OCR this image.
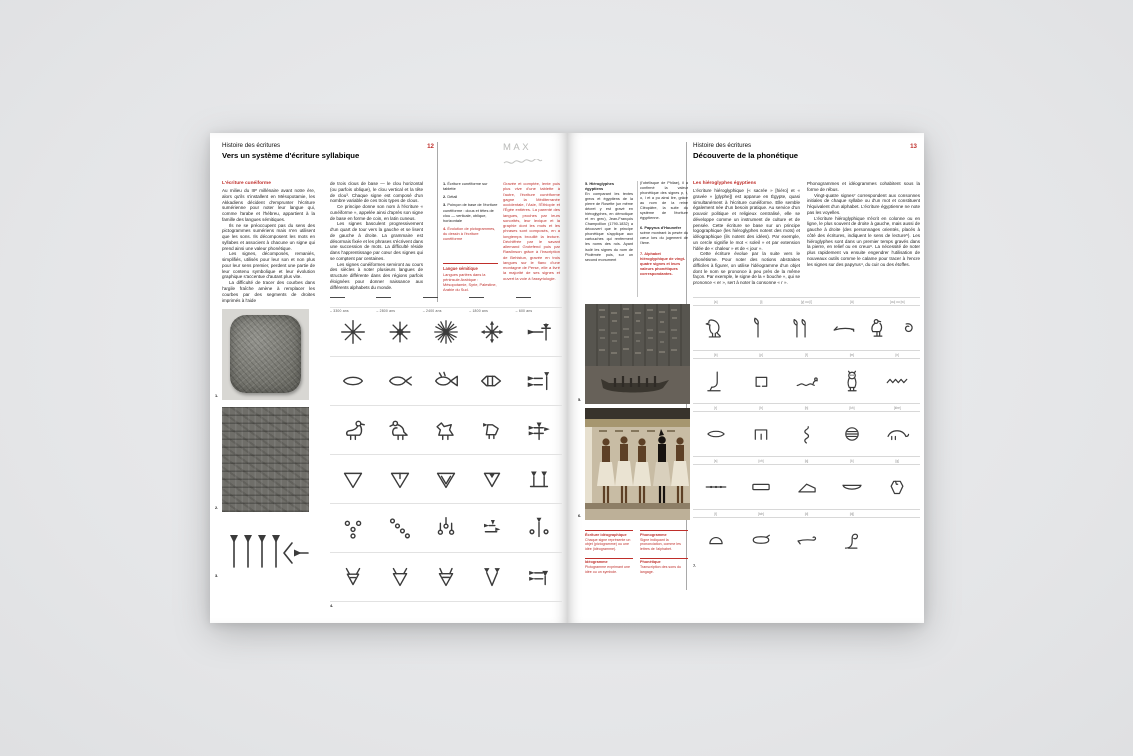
Histoire des écritures
Vers un système d'écriture syllabique
12
L'écriture cunéiforme

Au milieu du IIIᵉ millénaire avant notre ère, alors qu'ils s'installent en Mésopotamie, les Akkadiens décident d'emprunter l'écriture sumérienne pour noter leur langue qui, comme l'arabe et l'hébreu, appartient à la famille des langues sémitiques.

Ils ne se préoccupent pas du sens des pictogrammes sumériens mais n'en utilisent que les sons. Ils décomposent les mots en syllabes et associent à chacune un signe qui prend ainsi une valeur phonétique.

Les signes, décomposés, remaniés, simplifiés, utilisés pour leur son et non plus pour leur sens premier, perdent une partie de leur contenu symbolique et leur évolution graphique s'accentue d'autant plus vite.

La difficulté de tracer des courbes dans l'argile fraîche amène à remplacer les courbes par des segments de droites imprimés à l'aide

de trois clous de base — le clou horizontal (ou parfois oblique), le clou vertical et la tête de clou³. Chaque signe est composé d'un nombre variable de ces trois types de clous.

Ce principe donne son nom à l'écriture « cunéiforme », appelée ainsi d'après son signe de base en forme de coin, en latin cuneus.

Les signes basculent progressivement d'un quart de tour vers la gauche et se lisent de gauche à droite. La grammaire est désormais fixée et les phrases s'écrivent dans une succession de mots. La difficulté réside dans l'apprentissage par cœur des signes qui se comptent par centaines.

Les signes cunéiformes serviront au cours des siècles à noter plusieurs langues de structure différente dans des régions parfois éloignées pour donner naissance aux différents alphabets du monde.

1. Écriture cunéiforme sur tablette
2. Détail
3. Poinçon de base de l'écriture cunéiforme : clous et têtes de clou — verticale, oblique, horizontale
4. Évolution de pictogrammes, du dessin à l'écriture cunéiforme
Langue sémitique
Langues parlées dans la péninsule Arabique : Mésopotamie, Syrie, Palestine, Arabie du Sud.
MAX
Gravée et comptée, lente puis plus vive d'une tablette à l'autre, l'écriture cunéiforme gagne la Méditerranée occidentale, l'Asie, l'Éthiopie et l'Égée entières. La parenté des langues, proches par leurs sonorités, leur lexique et la graphie dont les mots et les phrases sont composés, en a longtemps brouillé la lecture. Déchiffrée par le savant allemand Grotefend puis par Rawlinson grâce à l'inscription de Behistun, gravée en trois langues sur le flanc d'une montagne de Perse, elle a livré la majorité de ses signes et ouvert la voie à l'assyriologie.
1.
2.
3.
– 3300 ans	– 2800 ans	– 2400 ans	– 1800 ans	– 600 ans
4.
Histoire des écritures
Découverte de la phonétique
13
Les hiéroglyphes égyptiens

L'écriture hiéroglyphique (« sacrée » [hiéro] et « gravée » [glyphe]) est apparue en Égypte, quasi simultanément à l'écriture cunéiforme. Elle semble également née d'un besoin pratique. Au service d'un pouvoir politique et religieux centralisé, elle se développe comme un instrument de culture et de pensée. Cette écriture se base sur un principe logographique (les hiéroglyphes notent des mots) et idéographique (ils notent des idées). Par exemple, un cercle signifie le mot « soleil » et par extension l'idée de « chaleur » et de « jour ».

Cette écriture évolue par la suite vers le phonétisme. Pour noter des notions abstraites difficiles à figurer, on utilise l'idéogramme d'un objet dont le nom se prononce à peu près de la même façon. Par exemple, le signe de la « bouche », qui se prononce « er », sert à noter la consonne « r ».

Phonogrammes et idéogrammes cohabitent sous la forme de rébus.

Vingt-quatre signes⁷ correspondent aux consonnes initiales de chaque syllabe ou d'un mot et constituent l'équivalent d'un alphabet. L'écriture égyptienne ne note pas les voyelles.

L'écriture hiéroglyphique s'écrit en colonne ou en ligne, le plus souvent de droite à gauche, mais aussi de gauche à droite (des personnages orientés, placés à côté des écritures, indiquent le sens de lecture⁵). Les hiéroglyphes sont dans un premier temps gravés dans la pierre, en relief ou en creux⁶. La nécessité de noter plus rapidement va ensuite engendrer l'utilisation de nouveaux outils comme le calame pour tracer à l'encre les signes sur des papyrus⁴, du cuir ou des étoffes.

5. Hiéroglyphes égyptiens
En comparant les textes grecs et égyptiens de la pierre de Rosette (un même décret y est gravé en hiéroglyphes, en démotique et en grec), Jean-François Champollion (1790-1832) a découvert que le principe phonétique s'applique aux cartouches qui renferment les noms des rois. Ayant isolé les signes du nom de Ptolémée puis, sur un second monument
(l'obélisque de Philae), il a confirmé la valeur phonétique des signes p, t, o, l et a pu ainsi lire, grâce au nom de la reine Cléopâtre, la suite du système de l'écriture égyptienne.
6. Papyrus d'Hounefer
scène montrant la pesée du cœur lors du jugement de l'âme.
7. Alphabet hiéroglyphique de vingt-quatre signes et leurs valeurs phonétiques correspondantes.
5.
6.
Écriture idéographique
Chaque signe représente un objet (pictogramme) ou une idée (idéogramme).
Phonogramme
Signe indiquant la prononciation, comme les lettres de l'alphabet.
Idéogramme
Pictogramme exprimant une idée ou un symbole.
Phonétique
Transcription des sons du langage.
[a]	[i]	[y] ou [ï]	[â]	[ou] ou [w]
[b]	[p]	[f]	[m]	[n]
[r]	[h]	[ḥ]	[kh]	[khe]
[s]	[ch]	[q]	[k]	[g]
[t]	[tch]	[d]	[dj]
7.
